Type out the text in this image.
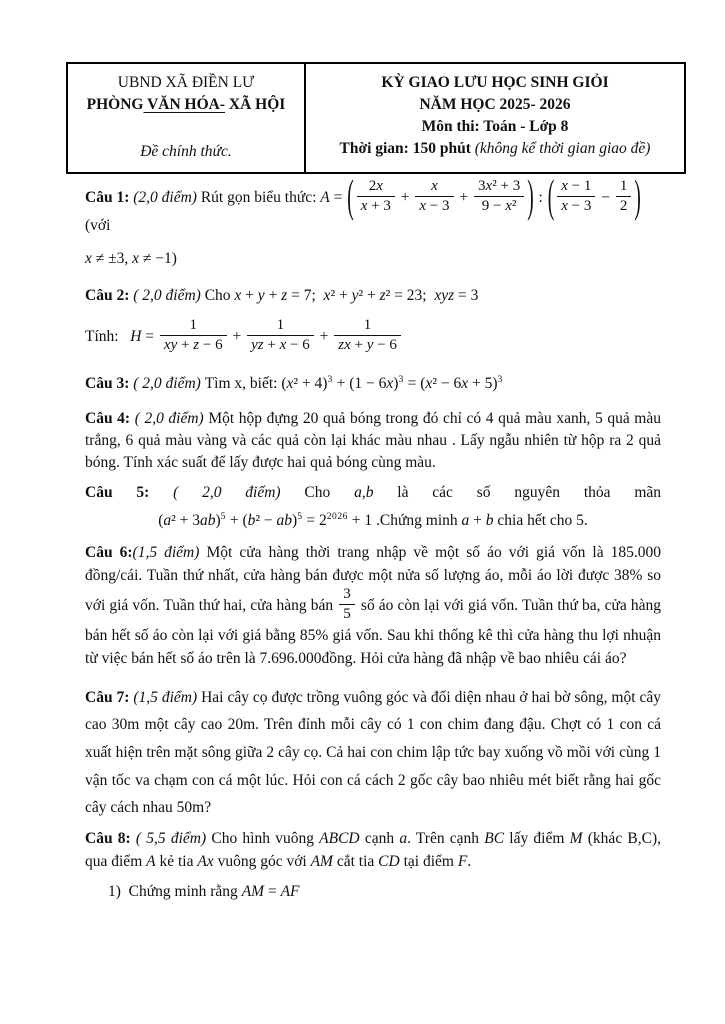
UBND XÃ ĐIỀN LƯ
PHÒNG VĂN HÓA- XÃ HỘI
Đề chính thức.
KỲ GIAO LƯU HỌC SINH GIỎI
NĂM HỌC 2025- 2026
Môn thi: Toán - Lớp 8
Thời gian: 150 phút (không kể thời gian giao đề)
Câu 1: (2,0 điểm) Rút gọn biểu thức: A = ( $\frac{2x}{x + 3} + \frac{x}{x - 3} + \frac{\text{3x² + 3}}{\text{9 − x²}}$ ) : ( $\frac{x - 1}{x - 3} - \frac{1}{2}$ ) (với
x ≠ ±3, x ≠ −1)
Câu 2: ( 2,0 điểm) Cho x + y + z = 7;  x² + y² + z² = 23;  xyz = 3
Tính:   $H = \frac{1}{xy + z - 6} + \frac{1}{yz + x - 6} + \frac{1}{zx + y - 6}$
Câu 3: ( 2,0 điểm) Tìm x, biết: $(x^2 + 4)^3 + (1 - 6x)^3 = (x^2 - 6x + 5)^3$
Câu 4: ( 2,0 điểm) Một hộp đựng 20 quả bóng trong đó chỉ có 4 quả màu xanh, 5 quả màu trắng, 6 quả màu vàng và các quả còn lại khác màu nhau . Lấy ngẫu nhiên từ hộp ra 2 quả bóng. Tính xác suất để lấy được hai quả bóng cùng màu.
Câu 5: ( 2,0 điểm) Cho a,b là các số nguyên thỏa mãn
$(a^2 + 3ab)^5 + (b^2 - ab)^5 = 2^{2026} + 1$ .Chứng minh a + b chia hết cho 5.
Câu 6:(1,5 điểm) Một cửa hàng thời trang nhập về một số áo với giá vốn là 185.000 đồng/cái. Tuần thứ nhất, cửa hàng bán được một nửa số lượng áo, mỗi áo lời được 38% so với giá vốn. Tuần thứ hai, cửa hàng bán $\frac{3}{5}$ số áo còn lại với giá vốn. Tuần thứ ba, cửa hàng bán hết số áo còn lại với giá bằng 85% giá vốn. Sau khi thống kê thì cửa hàng thu lợi nhuận từ việc bán hết số áo trên là 7.696.000đồng. Hỏi cửa hàng đã nhập về bao nhiêu cái áo?
Câu 7: (1,5 điểm) Hai cây cọ được trồng vuông góc và đối diện nhau ở hai bờ sông, một cây cao 30m một cây cao 20m. Trên đỉnh mỗi cây có 1 con chim đang đậu. Chợt có 1 con cá xuất hiện trên mặt sông giữa 2 cây cọ. Cả hai con chim lập tức bay xuống vồ mồi với cùng 1 vận tốc va chạm con cá một lúc. Hỏi con cá cách 2 gốc cây bao nhiêu mét biết rằng hai gốc cây cách nhau 50m?
Câu 8: ( 5,5 điểm) Cho hình vuông ABCD cạnh a. Trên cạnh BC lấy điểm M (khác B,C), qua điểm A kẻ tia Ax vuông góc với AM cắt tia CD tại điểm F.
1)  Chứng minh rằng AM = AF
